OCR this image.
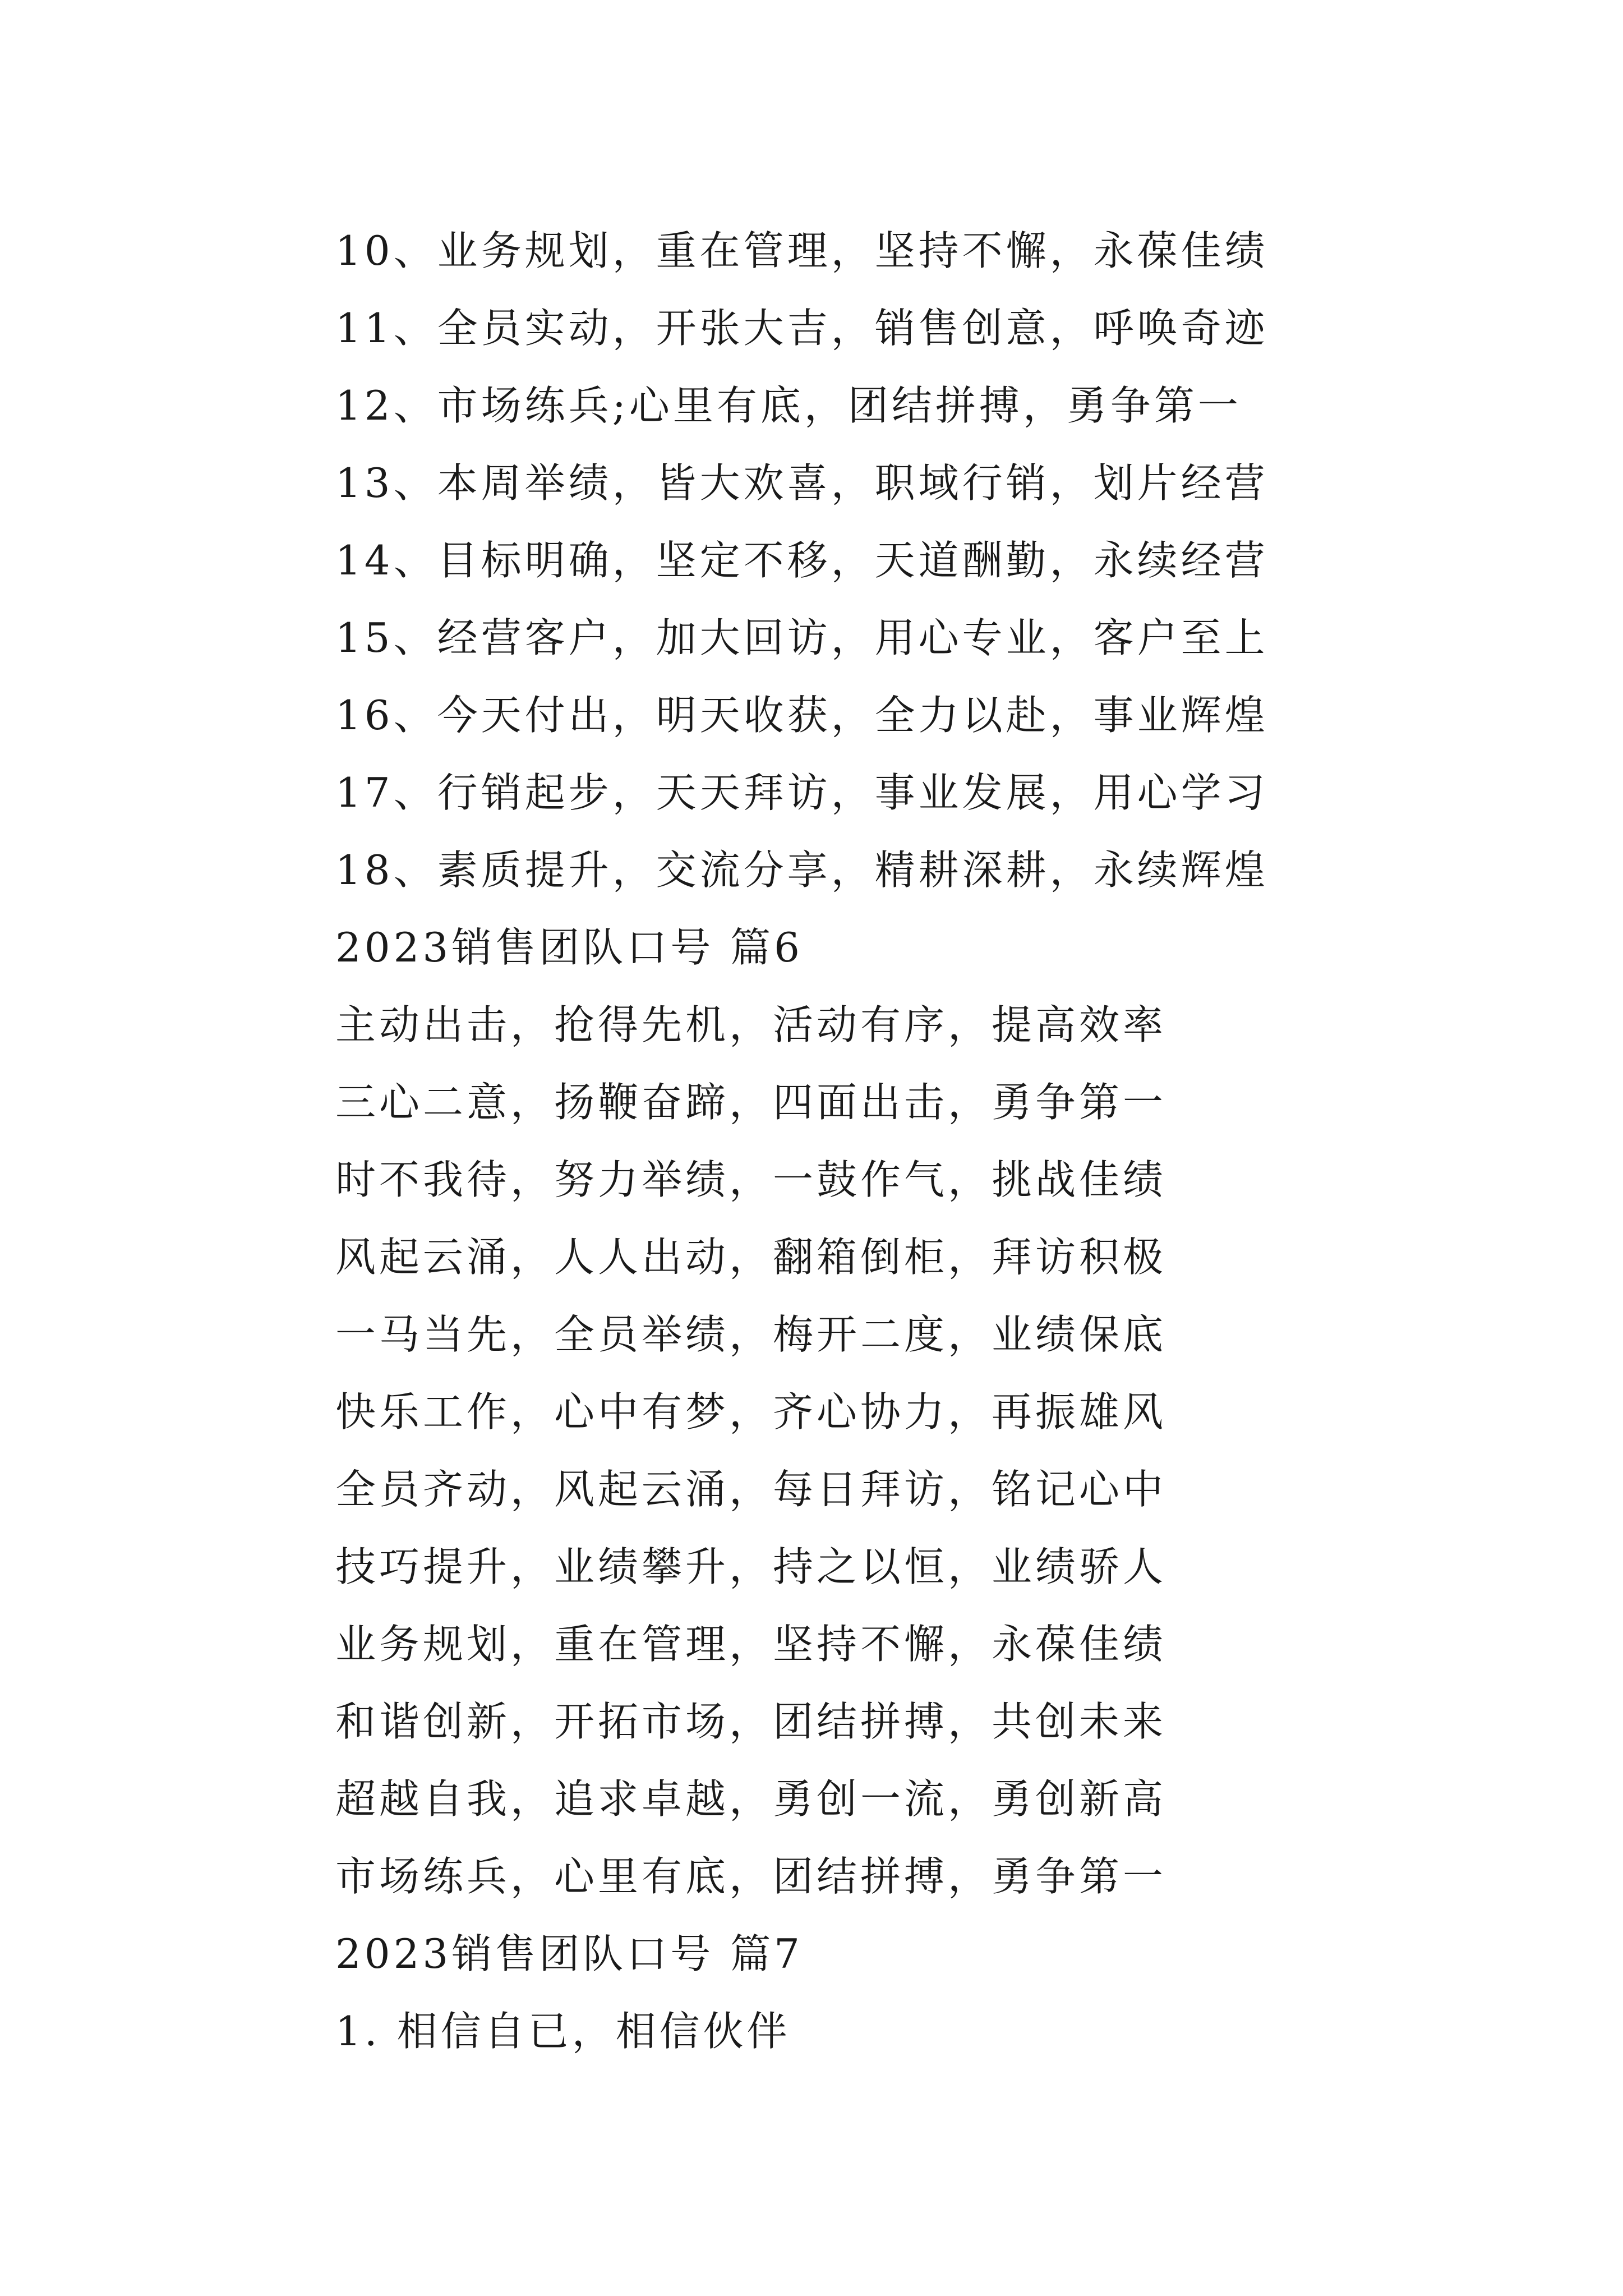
10、业务规划，重在管理，坚持不懈，永葆佳绩
11、全员实动，开张大吉，销售创意，呼唤奇迹
12、市场练兵;心里有底，团结拼搏，勇争第一
13、本周举绩，皆大欢喜，职域行销，划片经营
14、目标明确，坚定不移，天道酬勤，永续经营
15、经营客户，加大回访，用心专业，客户至上
16、今天付出，明天收获，全力以赴，事业辉煌
17、行销起步，天天拜访，事业发展，用心学习
18、素质提升，交流分享，精耕深耕，永续辉煌
2023销售团队口号 篇6
主动出击，抢得先机，活动有序，提高效率
三心二意，扬鞭奋蹄，四面出击，勇争第一
时不我待，努力举绩，一鼓作气，挑战佳绩
风起云涌，人人出动，翻箱倒柜，拜访积极
一马当先，全员举绩，梅开二度，业绩保底
快乐工作，心中有梦，齐心协力，再振雄风
全员齐动，风起云涌，每日拜访，铭记心中
技巧提升，业绩攀升，持之以恒，业绩骄人
业务规划，重在管理，坚持不懈，永葆佳绩
和谐创新，开拓市场，团结拼搏，共创未来
超越自我，追求卓越，勇创一流，勇创新高
市场练兵，心里有底，团结拼搏，勇争第一
2023销售团队口号 篇7
1. 相信自已，相信伙伴
